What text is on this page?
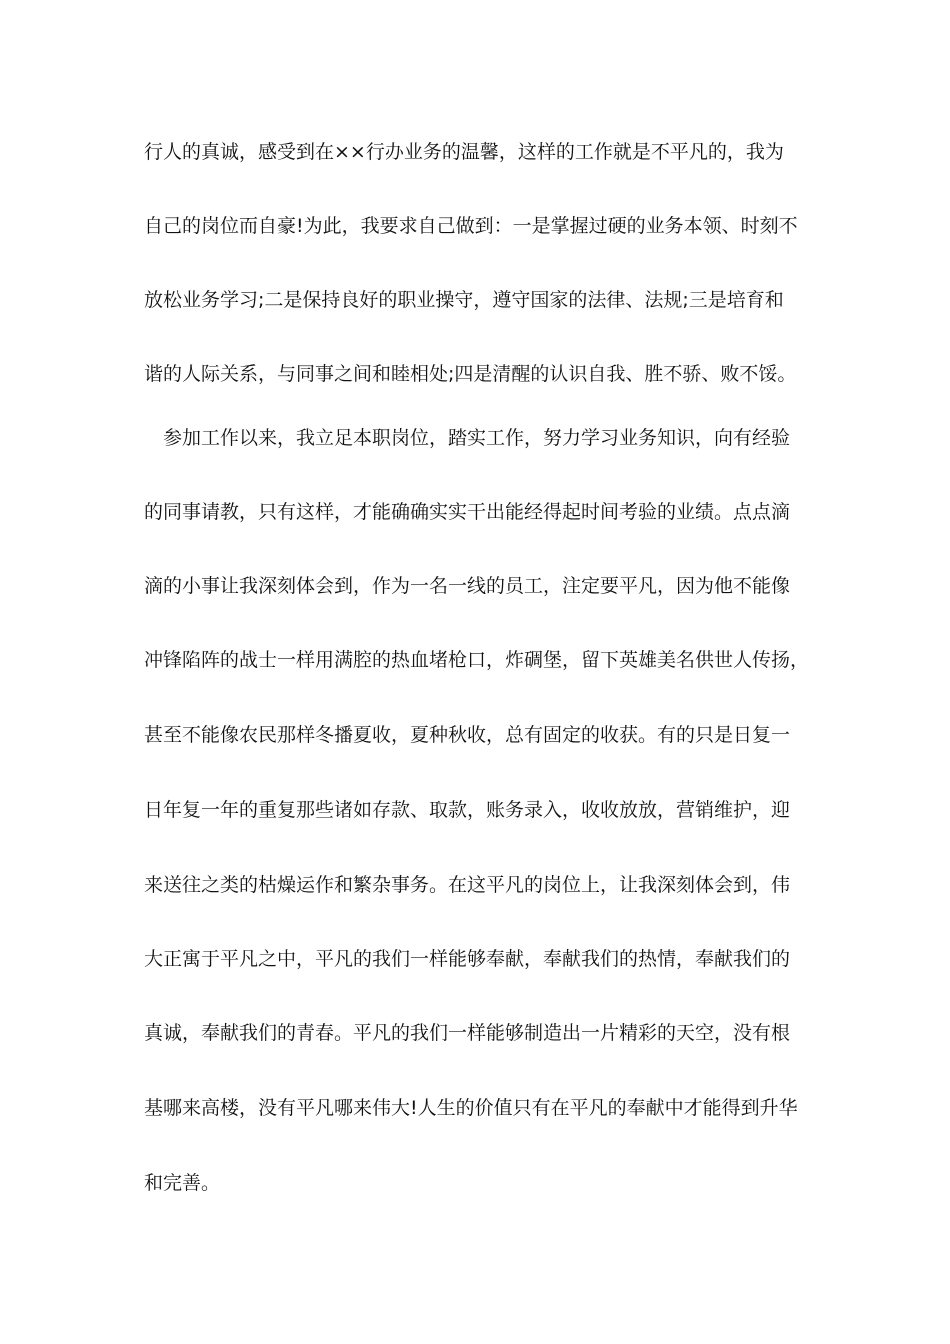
行人的真诚，感受到在××行办业务的温馨，这样的工作就是不平凡的，我为
自己的岗位而自豪!为此，我要求自己做到：一是掌握过硬的业务本领、时刻不
放松业务学习;二是保持良好的职业操守，遵守国家的法律、法规;三是培育和
谐的人际关系，与同事之间和睦相处;四是清醒的认识自我、胜不骄、败不馁。
　参加工作以来，我立足本职岗位，踏实工作，努力学习业务知识，向有经验
的同事请教，只有这样，才能确确实实干出能经得起时间考验的业绩。点点滴
滴的小事让我深刻体会到，作为一名一线的员工，注定要平凡，因为他不能像
冲锋陷阵的战士一样用满腔的热血堵枪口，炸碉堡，留下英雄美名供世人传扬，
甚至不能像农民那样冬播夏收，夏种秋收，总有固定的收获。有的只是日复一
日年复一年的重复那些诸如存款、取款，账务录入，收收放放，营销维护，迎
来送往之类的枯燥运作和繁杂事务。在这平凡的岗位上，让我深刻体会到，伟
大正寓于平凡之中，平凡的我们一样能够奉献，奉献我们的热情，奉献我们的
真诚，奉献我们的青春。平凡的我们一样能够制造出一片精彩的天空，没有根
基哪来高楼，没有平凡哪来伟大!人生的价值只有在平凡的奉献中才能得到升华
和完善。
